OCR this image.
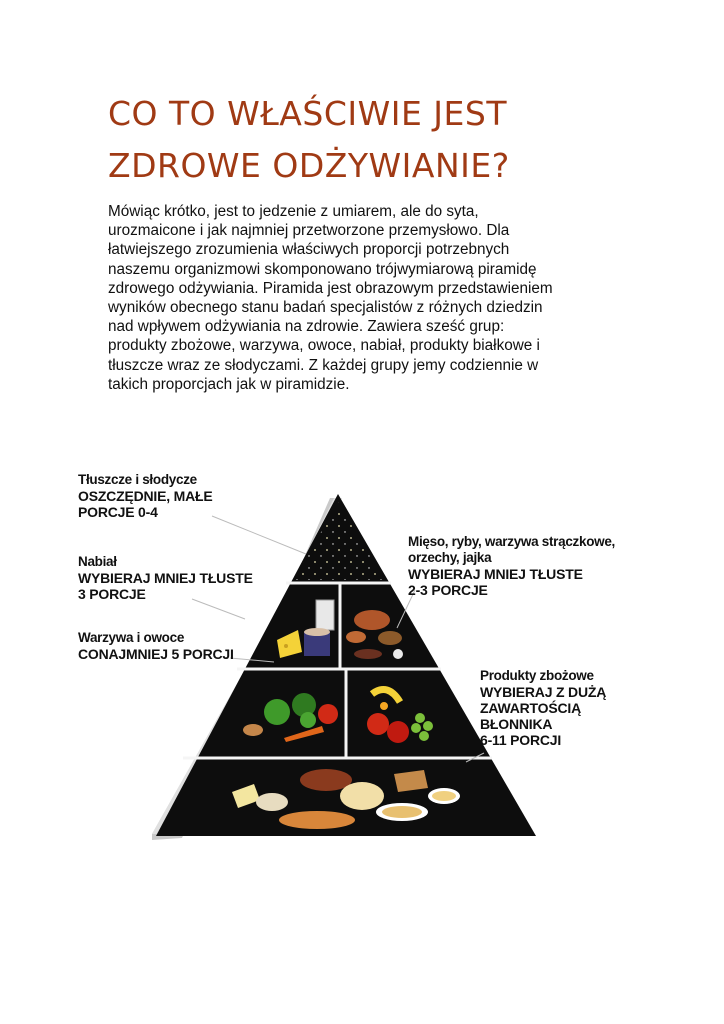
CO TO WŁAŚCIWIE JEST
ZDROWE ODŻYWIANIE?
Mówiąc krótko, jest to jedzenie z umiarem, ale do syta,
urozmaicone i jak najmniej przetworzone przemysłowo. Dla
łatwiejszego zrozumienia właściwych proporcji potrzebnych
naszemu organizmowi skomponowano trójwymiarową piramidę
zdrowego odżywiania. Piramida jest obrazowym przedstawieniem
wyników obecnego stanu badań specjalistów z różnych dziedzin
nad wpływem odżywiania na zdrowie. Zawiera sześć grup:
produkty zbożowe, warzywa, owoce, nabiał, produkty białkowe i
tłuszcze wraz ze słodyczami. Z każdej grupy jemy codziennie w
takich proporcjach jak w piramidzie.
Tłuszcze i słodycze
OSZCZĘDNIE, MAŁE
PORCJE 0-4
Nabiał
WYBIERAJ MNIEJ TŁUSTE
3 PORCJE
Warzywa i owoce
CONAJMNIEJ 5 PORCJI
Mięso, ryby, warzywa strączkowe,
orzechy, jajka
WYBIERAJ MNIEJ TŁUSTE
2-3 PORCJE
Produkty zbożowe
WYBIERAJ Z DUŻĄ
ZAWARTOŚCIĄ
BŁONNIKA
6-11 PORCJI
